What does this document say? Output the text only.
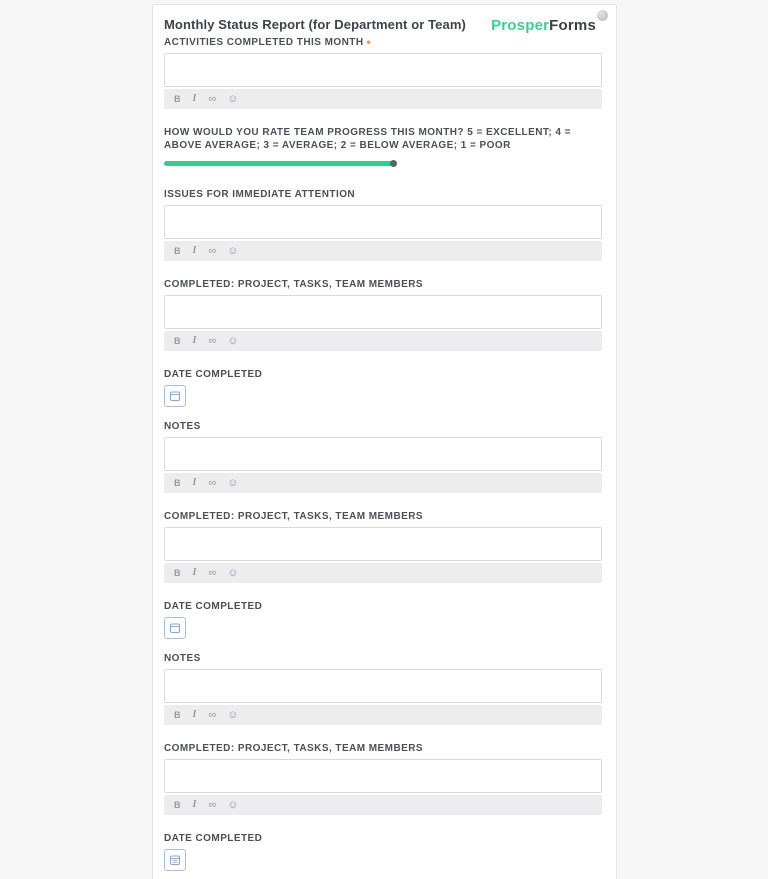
Monthly Status Report (for Department or Team) ProsperForms
ACTIVITIES COMPLETED THIS MONTH •
B I ∞ ☺
HOW WOULD YOU RATE TEAM PROGRESS THIS MONTH? 5 = EXCELLENT; 4 = ABOVE AVERAGE; 3 = AVERAGE; 2 = BELOW AVERAGE; 1 = POOR
ISSUES FOR IMMEDIATE ATTENTION
B I ∞ ☺
COMPLETED: PROJECT, TASKS, TEAM MEMBERS
B I ∞ ☺
DATE COMPLETED
NOTES
B I ∞ ☺
COMPLETED: PROJECT, TASKS, TEAM MEMBERS
B I ∞ ☺
DATE COMPLETED
NOTES
B I ∞ ☺
COMPLETED: PROJECT, TASKS, TEAM MEMBERS
B I ∞ ☺
DATE COMPLETED
